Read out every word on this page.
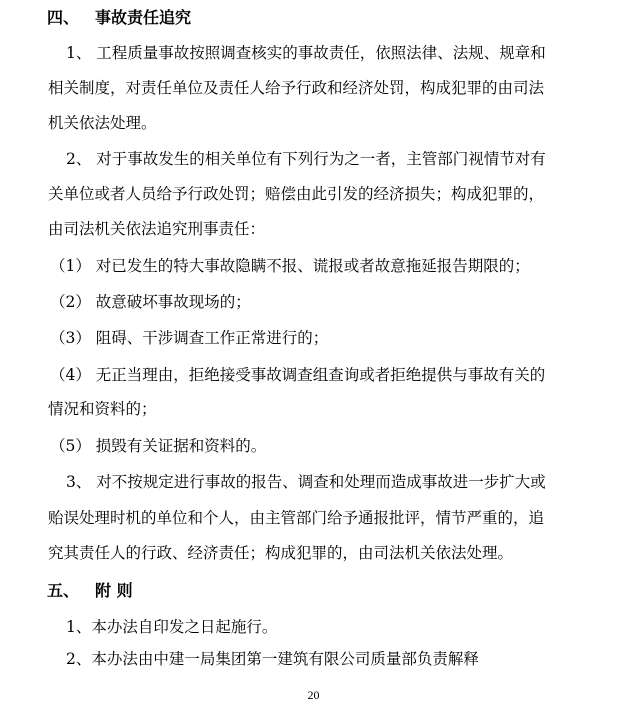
四、 事故责任追究
1、 工程质量事故按照调查核实的事故责任，依照法律、法规、规章和
相关制度，对责任单位及责任人给予行政和经济处罚，构成犯罪的由司法
机关依法处理。
2、 对于事故发生的相关单位有下列行为之一者，主管部门视情节对有
关单位或者人员给予行政处罚；赔偿由此引发的经济损失；构成犯罪的，
由司法机关依法追究刑事责任：
（1） 对已发生的特大事故隐瞒不报、谎报或者故意拖延报告期限的；
（2） 故意破坏事故现场的；
（3） 阻碍、干涉调查工作正常进行的；
（4） 无正当理由，拒绝接受事故调查组查询或者拒绝提供与事故有关的
情况和资料的；
（5） 损毁有关证据和资料的。
3、 对不按规定进行事故的报告、调查和处理而造成事故进一步扩大或
贻误处理时机的单位和个人，由主管部门给予通报批评，情节严重的，追
究其责任人的行政、经济责任；构成犯罪的，由司法机关依法处理。
五、 附 则
1、本办法自印发之日起施行。
2、本办法由中建一局集团第一建筑有限公司质量部负责解释
20
